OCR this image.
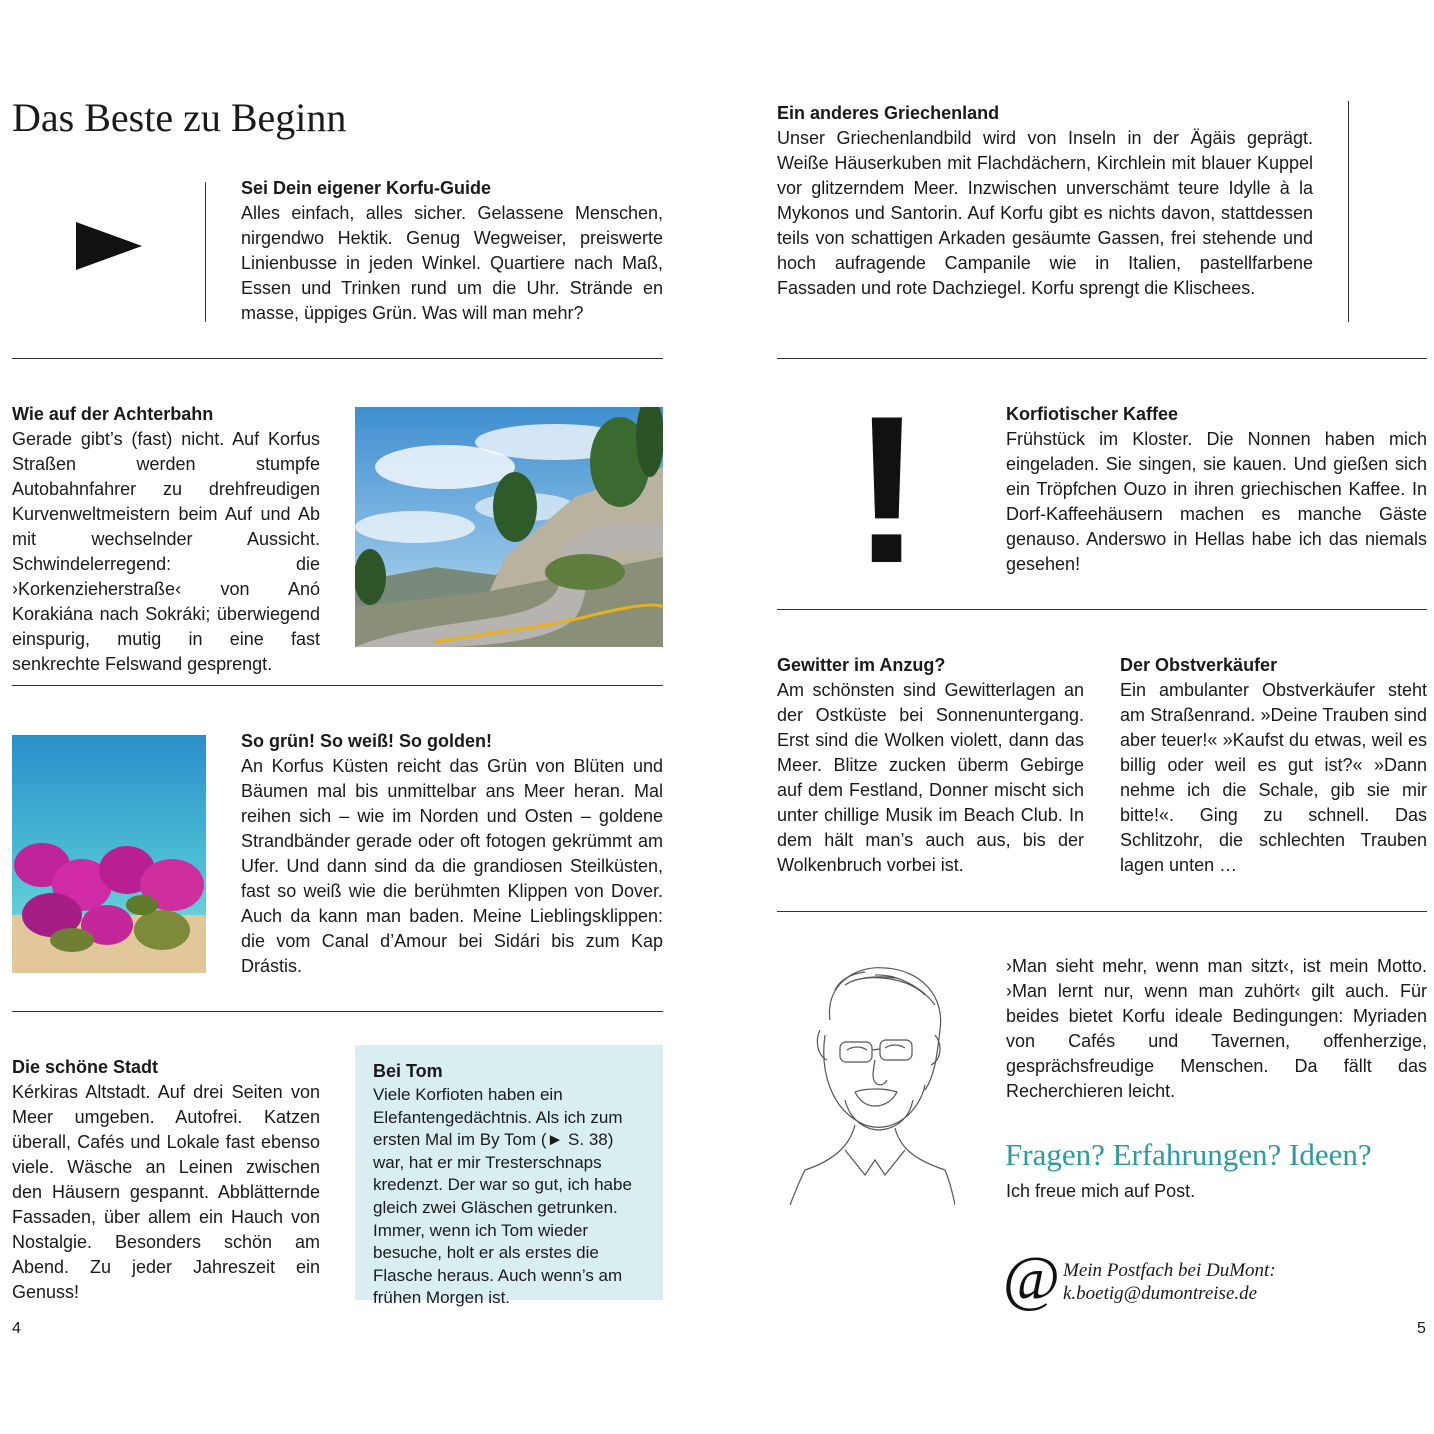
Das Beste zu Beginn
Sei Dein eigener Korfu-Guide
Alles einfach, alles sicher. Gelassene Menschen, nirgendwo Hektik. Genug Wegweiser, preiswerte Linienbusse in jeden Winkel. Quartiere nach Maß, Essen und Trinken rund um die Uhr. Strände en masse, üppiges Grün. Was will man mehr?
Ein anderes Griechenland
Unser Griechenlandbild wird von Inseln in der Ägäis geprägt. Weiße Häuserkuben mit Flachdächern, Kirchlein mit blauer Kuppel vor glitzerndem Meer. Inzwischen unverschämt teure Idylle à la Mykonos und Santorin. Auf Korfu gibt es nichts davon, stattdessen teils von schattigen Arkaden gesäumte Gassen, frei stehende und hoch aufragende Campanile wie in Italien, pastellfarbene Fassaden und rote Dachziegel. Korfu sprengt die Klischees.
Wie auf der Achterbahn
Gerade gibt’s (fast) nicht. Auf Korfus Straßen werden stumpfe Autobahnfahrer zu drehfreudigen Kurvenweltmeistern beim Auf und Ab mit wechselnder Aussicht. Schwindelerregend: die ›Korkenzieherstraße‹ von Anó Korakiána nach Sokráki; überwiegend einspurig, mutig in eine fast senkrechte Felswand gesprengt.
!	Korfiotischer Kaffee
Frühstück im Kloster. Die Nonnen haben mich eingeladen. Sie singen, sie kauen. Und gießen sich ein Tröpfchen Ouzo in ihren griechischen Kaffee. In Dorf-Kaffeehäusern machen es manche Gäste genauso. Anderswo in Hellas habe ich das niemals gesehen!
So grün! So weiß! So golden!
An Korfus Küsten reicht das Grün von Blüten und Bäumen mal bis unmittelbar ans Meer heran. Mal reihen sich – wie im Norden und Osten – goldene Strandbänder gerade oder oft fotogen gekrümmt am Ufer. Und dann sind da die grandiosen Steilküsten, fast so weiß wie die berühmten Klippen von Dover. Auch da kann man baden. Meine Lieblingsklippen: die vom Canal d’Amour bei Sidári bis zum Kap Drástis.
Gewitter im Anzug?
Am schönsten sind Gewitterlagen an der Ostküste bei Sonnenuntergang. Erst sind die Wolken violett, dann das Meer. Blitze zucken überm Gebirge auf dem Festland, Donner mischt sich unter chillige Musik im Beach Club. In dem hält man’s auch aus, bis der Wolkenbruch vorbei ist.
Der Obstverkäufer
Ein ambulanter Obstverkäufer steht am Straßenrand. »Deine Trauben sind aber teuer!« »Kaufst du etwas, weil es billig oder weil es gut ist?« »Dann nehme ich die Schale, gib sie mir bitte!«. Ging zu schnell. Das Schlitzohr, die schlechten Trauben lagen unten …
Die schöne Stadt
Kérkiras Altstadt. Auf drei Seiten von Meer umgeben. Autofrei. Katzen überall, Cafés und Lokale fast ebenso viele. Wäsche an Leinen zwischen den Häusern gespannt. Abblätternde Fassaden, über allem ein Hauch von Nostalgie. Besonders schön am Abend. Zu jeder Jahreszeit ein Genuss!
Bei Tom
Viele Korfioten haben ein Elefantengedächtnis. Als ich zum ersten Mal im By Tom (► S. 38) war, hat er mir Tresterschnaps kredenzt. Der war so gut, ich habe gleich zwei Gläschen getrunken. Immer, wenn ich Tom wieder besuche, holt er als erstes die Flasche heraus. Auch wenn’s am frühen Morgen ist.
›Man sieht mehr, wenn man sitzt‹, ist mein Motto. ›Man lernt nur, wenn man zuhört‹ gilt auch. Für beides bietet Korfu ideale Bedingungen: Myriaden von Cafés und Tavernen, offenherzige, gesprächsfreudige Menschen. Da fällt das Recherchieren leicht.
Fragen? Erfahrungen? Ideen?
Ich freue mich auf Post.
@ Mein Postfach bei DuMont:
k.boetig@dumontreise.de
4	5
